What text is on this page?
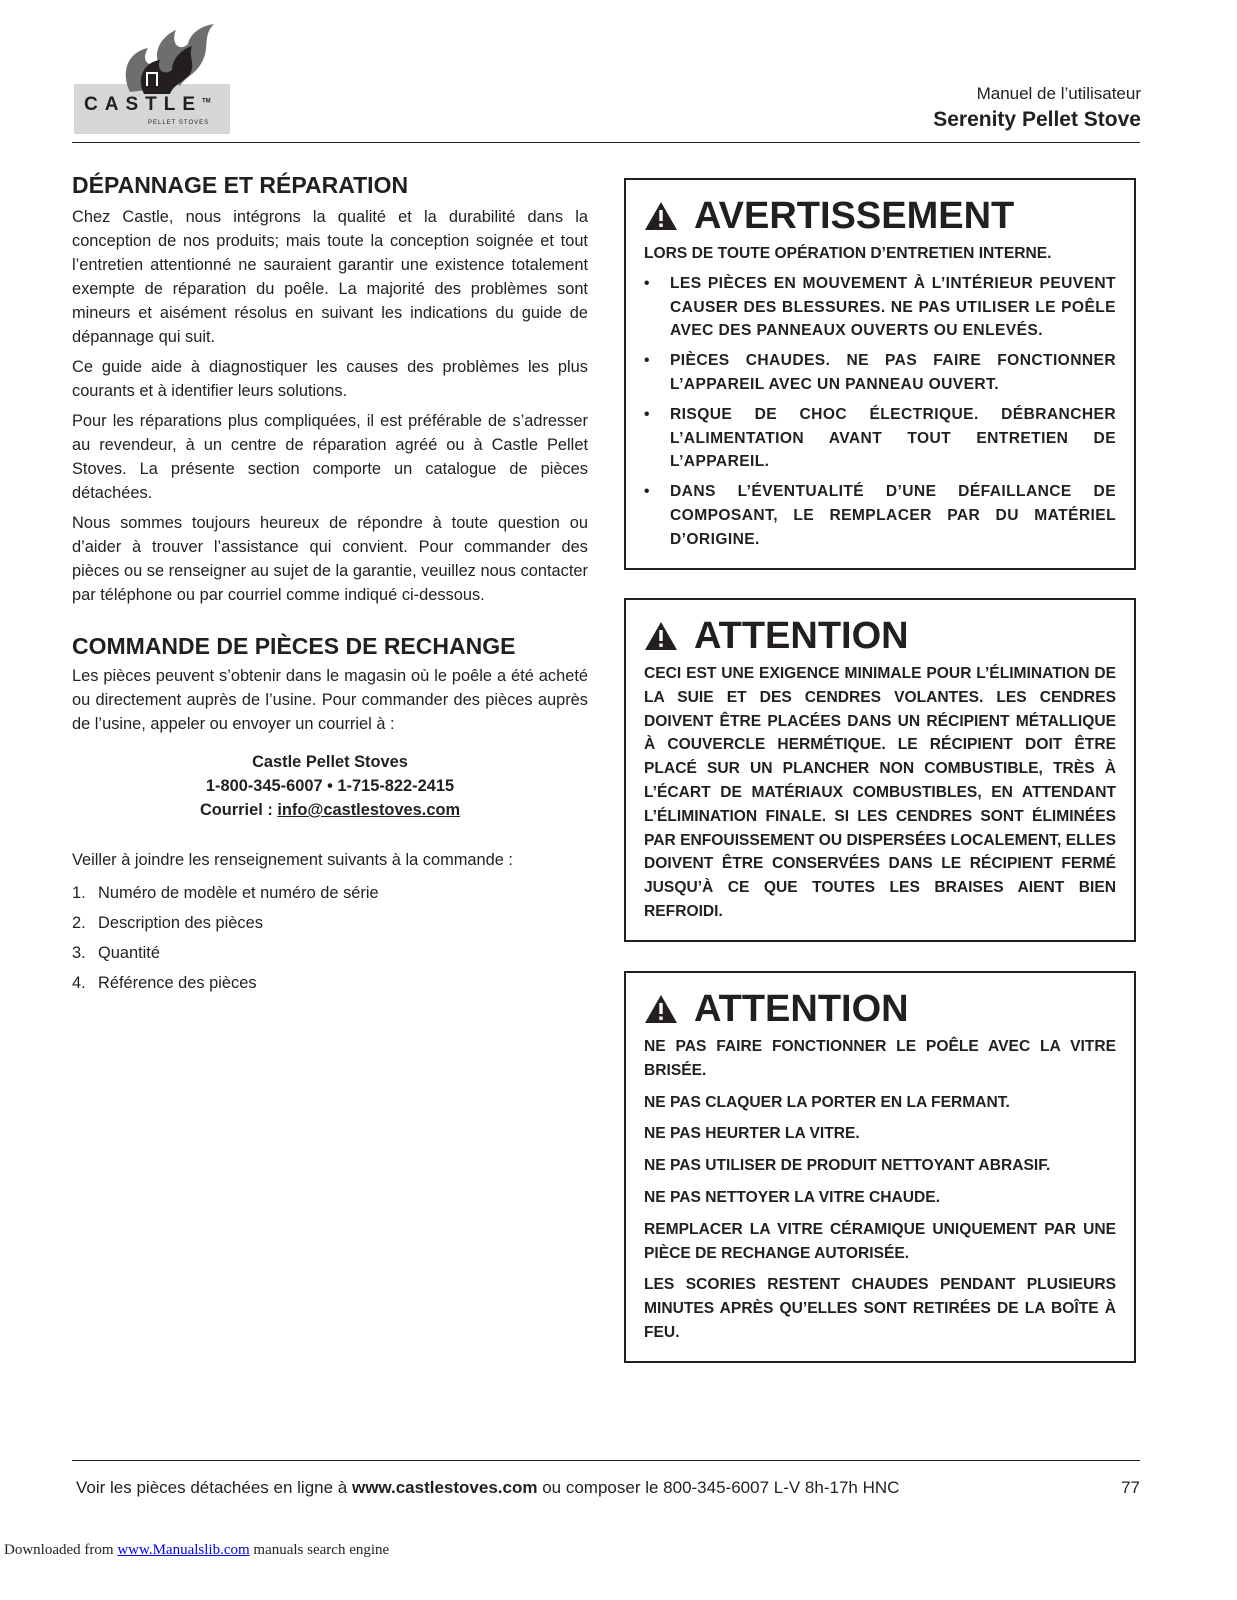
CASTLE™
PELLET STOVES
Manuel de l’utilisateur
Serenity Pellet Stove
DÉPANNAGE ET RÉPARATION

Chez Castle, nous intégrons la qualité et la durabilité dans la conception de nos produits; mais toute la conception soignée et tout l’entretien attentionné ne sauraient garantir une existence totalement exempte de réparation du poêle. La majorité des problèmes sont mineurs et aisément résolus en suivant les indications du guide de dépannage qui suit.

Ce guide aide à diagnostiquer les causes des problèmes les plus courants et à identifier leurs solutions.

Pour les réparations plus compliquées, il est préférable de s’adresser au revendeur, à un centre de réparation agréé ou à Castle Pellet Stoves. La présente section comporte un catalogue de pièces détachées.

Nous sommes toujours heureux de répondre à toute question ou d’aider à trouver l’assistance qui convient. Pour commander des pièces ou se renseigner au sujet de la garantie, veuillez nous contacter par téléphone ou par courriel comme indiqué ci-dessous.

COMMANDE DE PIÈCES DE RECHANGE

Les pièces peuvent s’obtenir dans le magasin où le poêle a été acheté ou directement auprès de l’usine. Pour commander des pièces auprès de l’usine, appeler ou envoyer un courriel à :

Castle Pellet Stoves
1-800-345-6007 • 1-715-822-2415
Courriel : info@castlestoves.com

Veiller à joindre les renseignement suivants à la commande :

1. Numéro de modèle et numéro de série
2. Description des pièces
3. Quantité
4. Référence des pièces
AVERTISSEMENT

LORS DE TOUTE OPÉRATION D’ENTRETIEN INTERNE.

•	LES PIÈCES EN MOUVEMENT À L’INTÉRIEUR PEUVENT CAUSER DES BLESSURES. NE PAS UTILISER LE POÊLE AVEC DES PANNEAUX OUVERTS OU ENLEVÉS.
•	PIÈCES CHAUDES. NE PAS FAIRE FONCTIONNER L’APPAREIL AVEC UN PANNEAU OUVERT.
•	RISQUE DE CHOC ÉLECTRIQUE. DÉBRANCHER L’ALIMENTATION AVANT TOUT ENTRETIEN DE L’APPAREIL.
•	DANS L’ÉVENTUALITÉ D’UNE DÉFAILLANCE DE COMPOSANT, LE REMPLACER PAR DU MATÉRIEL D’ORIGINE.
ATTENTION

CECI EST UNE EXIGENCE MINIMALE POUR L’ÉLIMINATION DE LA SUIE ET DES CENDRES VOLANTES. LES CENDRES DOIVENT ÊTRE PLACÉES DANS UN RÉCIPIENT MÉTALLIQUE À COUVERCLE HERMÉTIQUE. LE RÉCIPIENT DOIT ÊTRE PLACÉ SUR UN PLANCHER NON COMBUSTIBLE, TRÈS À L’ÉCART DE MATÉRIAUX COMBUSTIBLES, EN ATTENDANT L’ÉLIMINATION FINALE. SI LES CENDRES SONT ÉLIMINÉES PAR ENFOUISSEMENT OU DISPERSÉES LOCALEMENT, ELLES DOIVENT ÊTRE CONSERVÉES DANS LE RÉCIPIENT FERMÉ JUSQU’À CE QUE TOUTES LES BRAISES AIENT BIEN REFROIDI.

ATTENTION

NE PAS FAIRE FONCTIONNER LE POÊLE AVEC LA VITRE BRISÉE.

NE PAS CLAQUER LA PORTER EN LA FERMANT.

NE PAS HEURTER LA VITRE.

NE PAS UTILISER DE PRODUIT NETTOYANT ABRASIF.

NE PAS NETTOYER LA VITRE CHAUDE.

REMPLACER LA VITRE CÉRAMIQUE UNIQUEMENT PAR UNE PIÈCE DE RECHANGE AUTORISÉE.

LES SCORIES RESTENT CHAUDES PENDANT PLUSIEURS MINUTES APRÈS QU’ELLES SONT RETIRÉES DE LA BOÎTE À FEU.

Voir les pièces détachées en ligne à www.castlestoves.com ou composer le 800-345-6007 L-V 8h-17h HNC	77
Downloaded from www.Manualslib.com manuals search engine
